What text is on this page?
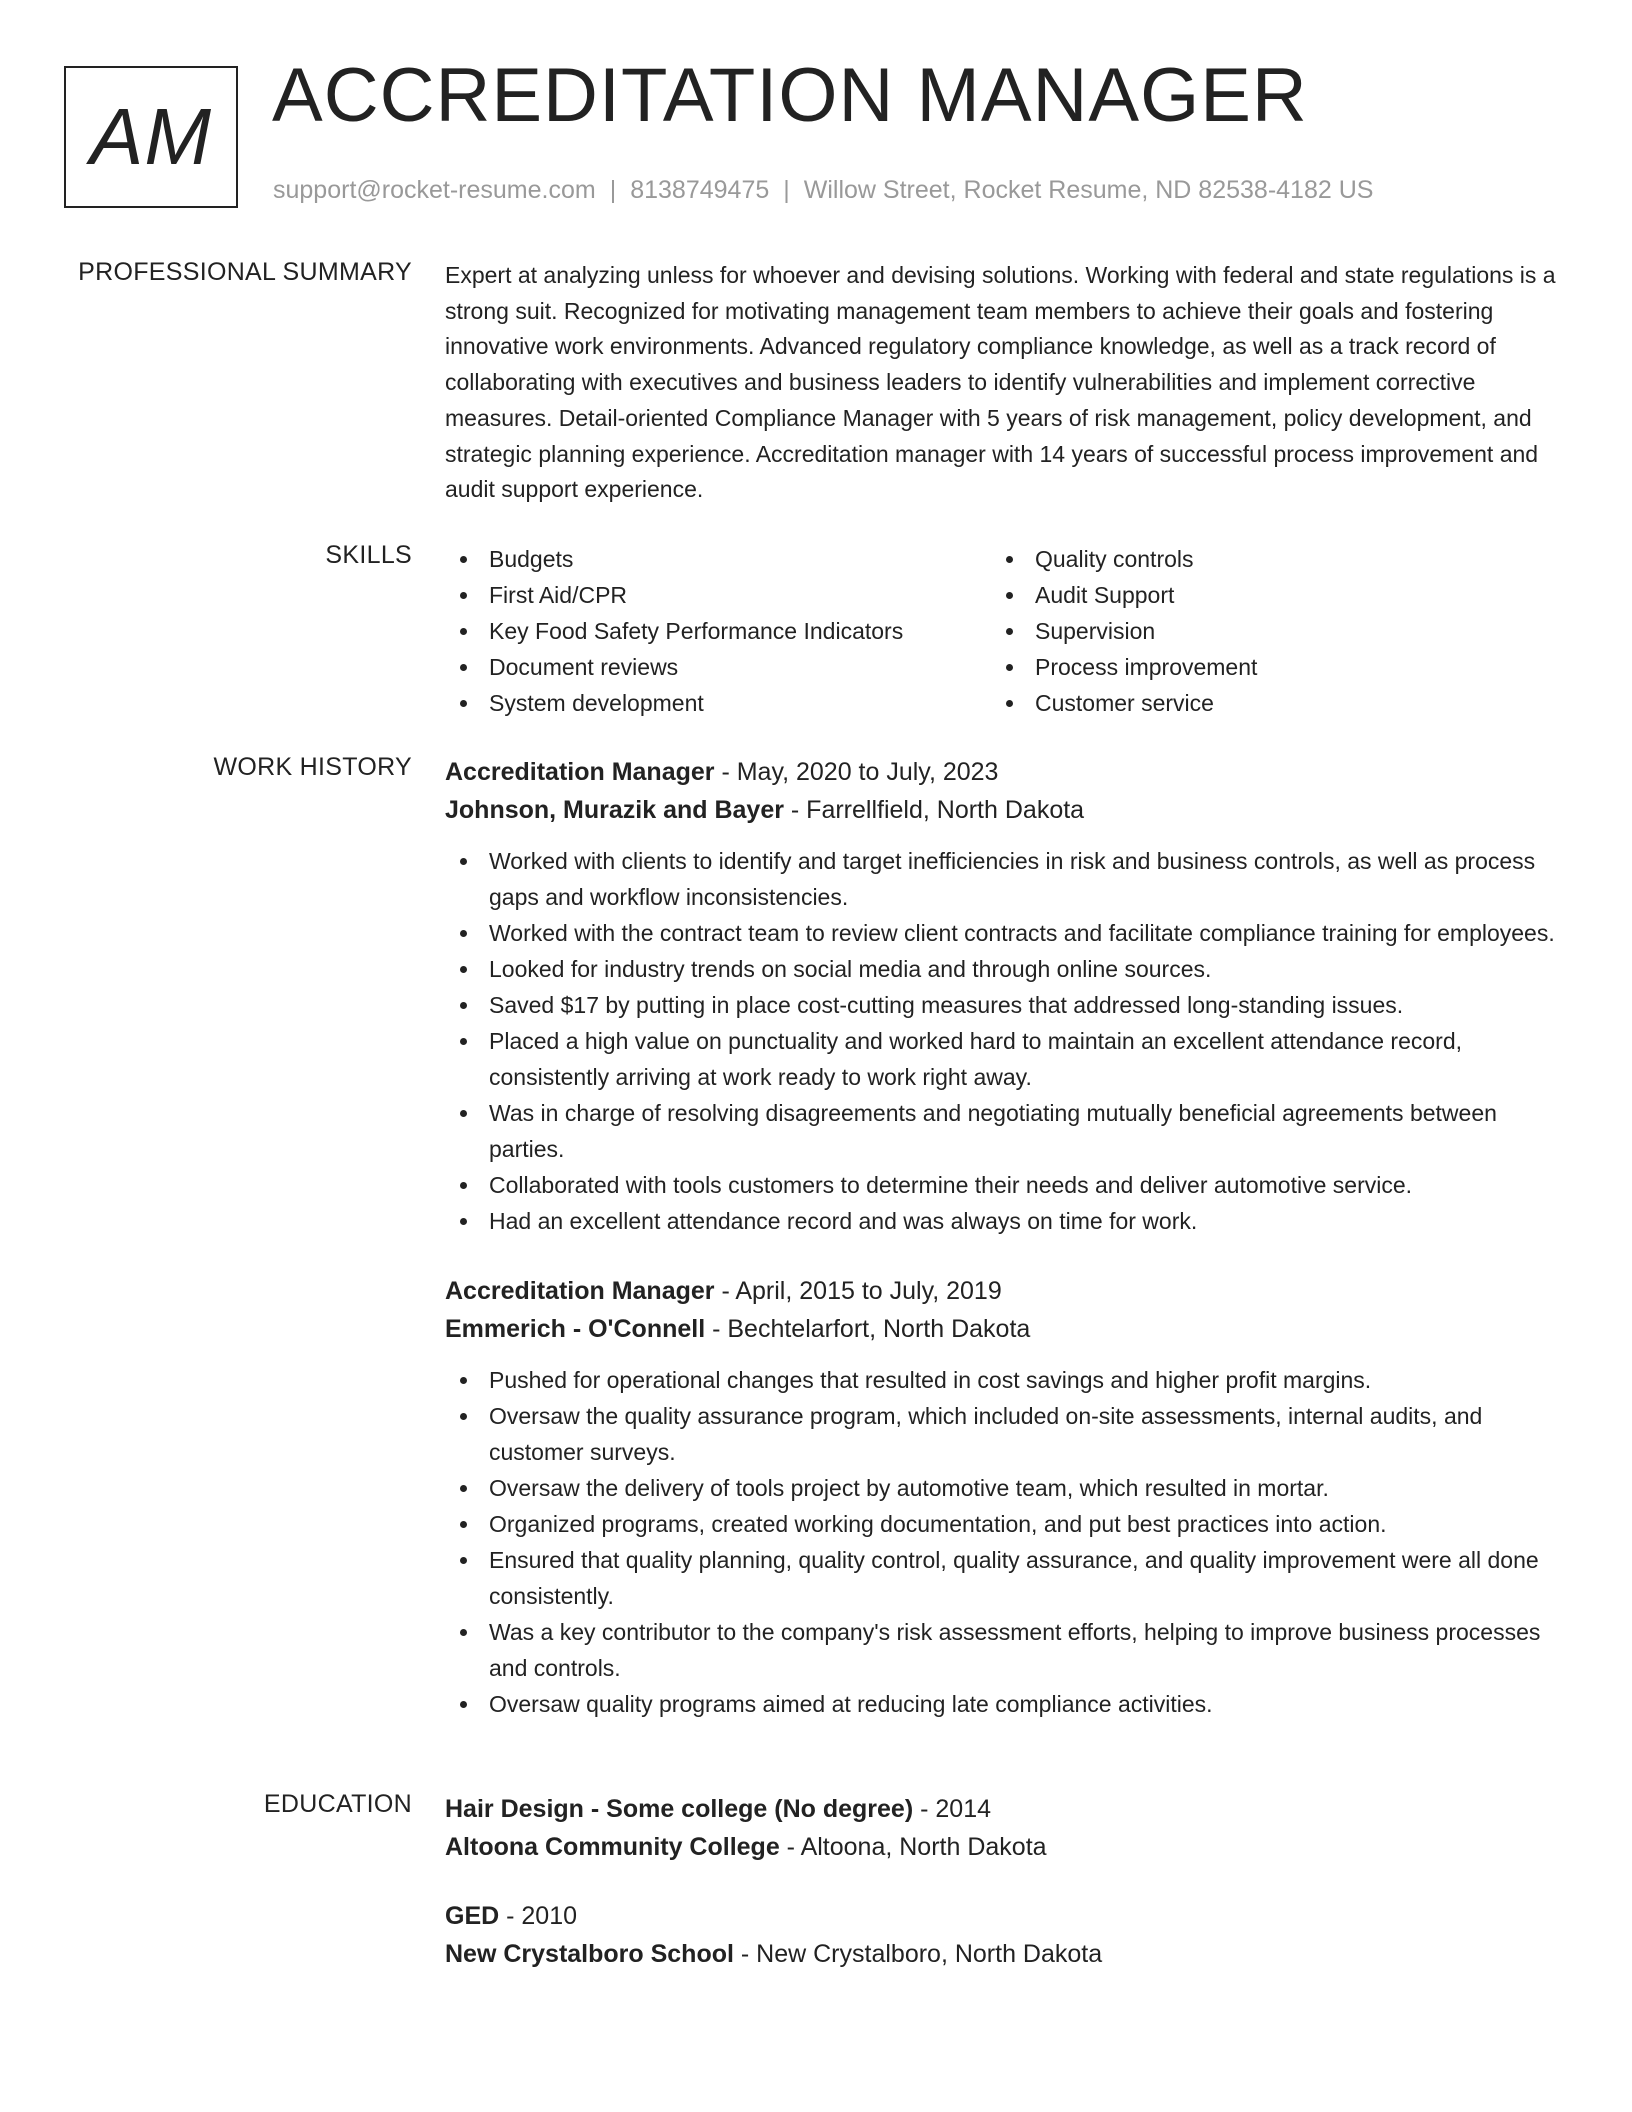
AM ACCREDITATION MANAGER
support@rocket-resume.com | 8138749475 | Willow Street, Rocket Resume, ND 82538-4182 US
PROFESSIONAL SUMMARY Expert at analyzing unless for whoever and devising solutions. Working with federal and state regulations is a strong suit. Recognized for motivating management team members to achieve their goals and fostering innovative work environments. Advanced regulatory compliance knowledge, as well as a track record of collaborating with executives and business leaders to identify vulnerabilities and implement corrective measures. Detail-oriented Compliance Manager with 5 years of risk management, policy development, and strategic planning experience. Accreditation manager with 14 years of successful process improvement and audit support experience.

SKILLS	Budgets
First Aid/CPR
Key Food Safety Performance Indicators
Document reviews
System development
Quality controls
Audit Support
Supervision
Process improvement
Customer service
WORK HISTORY Accreditation Manager - May, 2020 to July, 2023
Johnson, Murazik and Bayer - Farrellfield, North Dakota
Worked with clients to identify and target inefficiencies in risk and business controls, as well as process gaps and workflow inconsistencies.
Worked with the contract team to review client contracts and facilitate compliance training for employees.
Looked for industry trends on social media and through online sources.
Saved $17 by putting in place cost-cutting measures that addressed long-standing issues.
Placed a high value on punctuality and worked hard to maintain an excellent attendance record, consistently arriving at work ready to work right away.
Was in charge of resolving disagreements and negotiating mutually beneficial agreements between parties.
Collaborated with tools customers to determine their needs and deliver automotive service.
Had an excellent attendance record and was always on time for work.
Accreditation Manager - April, 2015 to July, 2019
Emmerich - O'Connell - Bechtelarfort, North Dakota
Pushed for operational changes that resulted in cost savings and higher profit margins.
Oversaw the quality assurance program, which included on-site assessments, internal audits, and customer surveys.
Oversaw the delivery of tools project by automotive team, which resulted in mortar.
Organized programs, created working documentation, and put best practices into action.
Ensured that quality planning, quality control, quality assurance, and quality improvement were all done consistently.
Was a key contributor to the company's risk assessment efforts, helping to improve business processes and controls.
Oversaw quality programs aimed at reducing late compliance activities.
EDUCATION Hair Design - Some college (No degree) - 2014
Altoona Community College - Altoona, North Dakota
GED - 2010
New Crystalboro School - New Crystalboro, North Dakota
